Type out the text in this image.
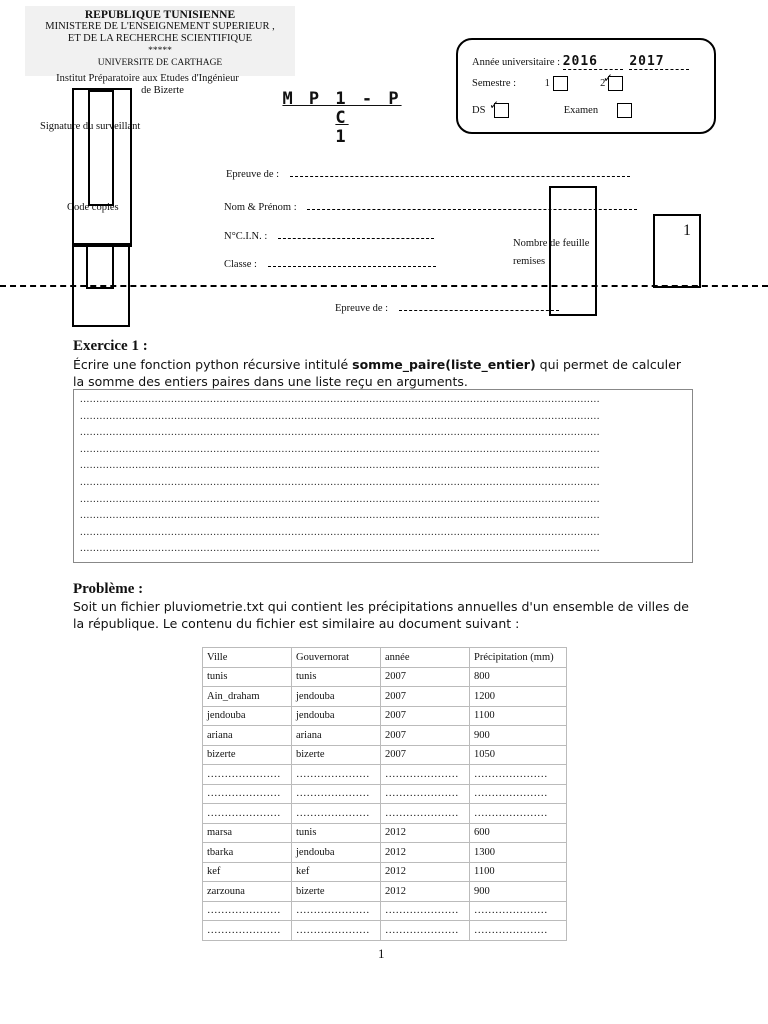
REPUBLIQUE TUNISIENNE
MINISTERE DE L'ENSEIGNEMENT SUPERIEUR ,
ET DE LA RECHERCHE SCIENTIFIQUE
*****
UNIVERSITE DE CARTHAGE
Institut Préparatoire aux Etudes d'Ingénieur
de Bizerte
Signature du surveillant
Code copies
M P 1 - P C
1
Année universitaire : 2016 2017
Semestre :	1	2 ✓
DS ✓	Examen
Epreuve de :
Nom & Prénom :
N°C.I.N. :
Classe :
Nombre de feuille
remises
1
Epreuve de :
Exercice 1 :
Écrire une fonction python récursive intitulé somme_paire(liste_entier) qui permet de calculer la somme des entiers paires dans une liste reçu en arguments.
................................................................................................................................................................
................................................................................................................................................................
................................................................................................................................................................
................................................................................................................................................................
................................................................................................................................................................
................................................................................................................................................................
................................................................................................................................................................
................................................................................................................................................................
................................................................................................................................................................
................................................................................................................................................................
Problème :
Soit un fichier pluviometrie.txt qui contient les précipitations annuelles d'un ensemble de villes de la république. Le contenu du fichier est similaire au document suivant :
Ville	Gouvernorat	année	Précipitation (mm)
tunis	tunis	2007	800
Ain_draham	jendouba	2007	1200
jendouba	jendouba	2007	1100
ariana	ariana	2007	900
bizerte	bizerte	2007	1050
…………………	…………………	…………………	…………………
…………………	…………………	…………………	…………………
…………………	…………………	…………………	…………………
marsa	tunis	2012	600
tbarka	jendouba	2012	1300
kef	kef	2012	1100
zarzouna	bizerte	2012	900
…………………	…………………	…………………	…………………
…………………	…………………	…………………	…………………
1
